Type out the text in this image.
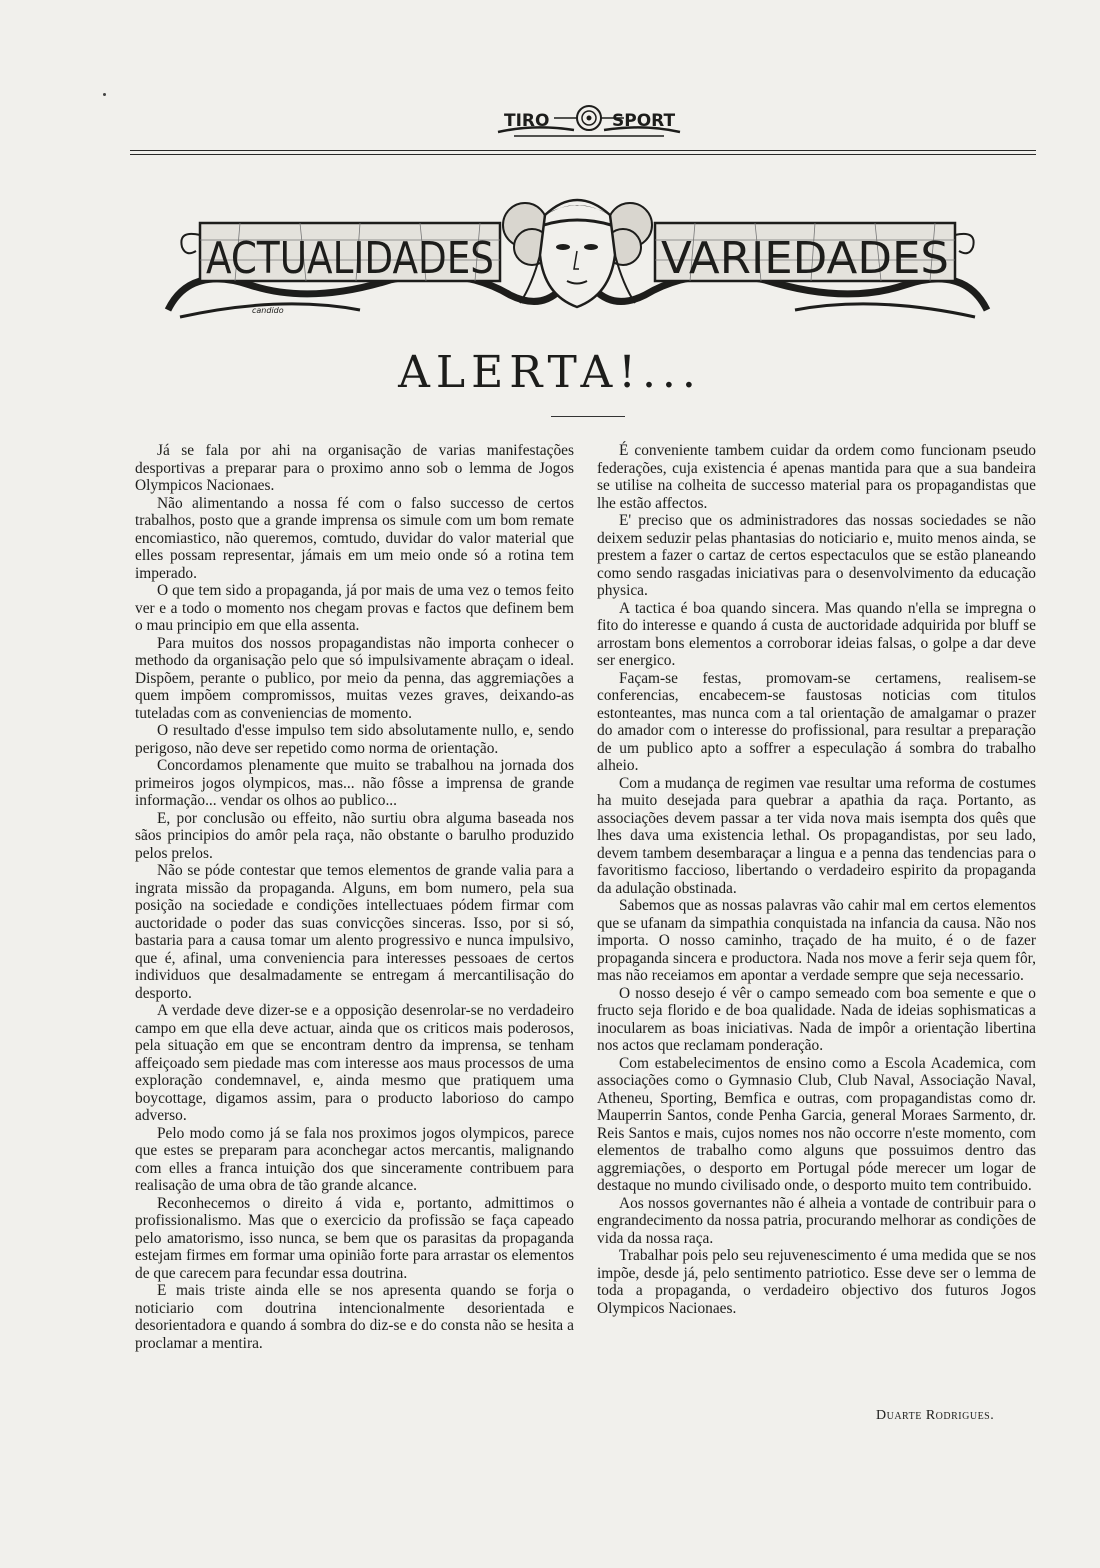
TIRO	SPORT
ACTUALIDADES	VARIEDADES
candido
ALERTA!...

Já se fala por ahi na organisação de varias manifestações desportivas a preparar para o proximo anno sob o lemma de Jogos Olympicos Nacionaes.

Não alimentando a nossa fé com o falso successo de certos trabalhos, posto que a grande imprensa os simule com um bom remate encomiastico, não queremos, comtudo, duvidar do valor material que elles possam representar, jámais em um meio onde só a rotina tem imperado.

O que tem sido a propaganda, já por mais de uma vez o temos feito ver e a todo o momento nos chegam provas e factos que definem bem o mau principio em que ella assenta.

Para muitos dos nossos propagandistas não importa conhecer o methodo da organisação pelo que só impulsivamente abraçam o ideal. Dispõem, perante o publico, por meio da penna, das aggremiações a quem impõem compromissos, muitas vezes graves, deixando-as tuteladas com as conveniencias de momento.

O resultado d'esse impulso tem sido absolutamente nullo, e, sendo perigoso, não deve ser repetido como norma de orientação.

Concordamos plenamente que muito se trabalhou na jornada dos primeiros jogos olympicos, mas... não fôsse a imprensa de grande informação... vendar os olhos ao publico...

E, por conclusão ou effeito, não surtiu obra alguma baseada nos sãos principios do amôr pela raça, não obstante o barulho produzido pelos prelos.

Não se póde contestar que temos elementos de grande valia para a ingrata missão da propaganda. Alguns, em bom numero, pela sua posição na sociedade e condições intellectuaes pódem firmar com auctoridade o poder das suas convicções sinceras. Isso, por si só, bastaria para a causa tomar um alento progressivo e nunca impulsivo, que é, afinal, uma conveniencia para interesses pessoaes de certos individuos que desalmadamente se entregam á mercantilisação do desporto.

A verdade deve dizer-se e a opposição desenrolar-se no verdadeiro campo em que ella deve actuar, ainda que os criticos mais poderosos, pela situação em que se encontram dentro da imprensa, se tenham affeiçoado sem piedade mas com interesse aos maus processos de uma exploração condemnavel, e, ainda mesmo que pratiquem uma boycottage, digamos assim, para o producto laborioso do campo adverso.

Pelo modo como já se fala nos proximos jogos olympicos, parece que estes se preparam para aconchegar actos mercantis, malignando com elles a franca intuição dos que sinceramente contribuem para realisação de uma obra de tão grande alcance.

Reconhecemos o direito á vida e, portanto, admittimos o profissionalismo. Mas que o exercicio da profissão se faça capeado pelo amatorismo, isso nunca, se bem que os parasitas da propaganda estejam firmes em formar uma opinião forte para arrastar os elementos de que carecem para fecundar essa doutrina.

E mais triste ainda elle se nos apresenta quando se forja o noticiario com doutrina intencionalmente desorientada e desorientadora e quando á sombra do diz-se e do consta não se hesita a proclamar a mentira.

É conveniente tambem cuidar da ordem como funcionam pseudo federações, cuja existencia é apenas mantida para que a sua bandeira se utilise na colheita de successo material para os propagandistas que lhe estão affectos.

E' preciso que os administradores das nossas sociedades se não deixem seduzir pelas phantasias do noticiario e, muito menos ainda, se prestem a fazer o cartaz de certos espectaculos que se estão planeando como sendo rasgadas iniciativas para o desenvolvimento da educação physica.

A tactica é boa quando sincera. Mas quando n'ella se impregna o fito do interesse e quando á custa de auctoridade adquirida por bluff se arrostam bons elementos a corroborar ideias falsas, o golpe a dar deve ser energico.

Façam-se festas, promovam-se certamens, realisem-se conferencias, encabecem-se faustosas noticias com titulos estonteantes, mas nunca com a tal orientação de amalgamar o prazer do amador com o interesse do profissional, para resultar a preparação de um publico apto a soffrer a especulação á sombra do trabalho alheio.

Com a mudança de regimen vae resultar uma reforma de costumes ha muito desejada para quebrar a apathia da raça. Portanto, as associações devem passar a ter vida nova mais isempta dos quês que lhes dava uma existencia lethal. Os propagandistas, por seu lado, devem tambem desembaraçar a lingua e a penna das tendencias para o favoritismo faccioso, libertando o verdadeiro espirito da propaganda da adulação obstinada.

Sabemos que as nossas palavras vão cahir mal em certos elementos que se ufanam da simpathia conquistada na infancia da causa. Não nos importa. O nosso caminho, traçado de ha muito, é o de fazer propaganda sincera e productora. Nada nos move a ferir seja quem fôr, mas não receiamos em apontar a verdade sempre que seja necessario.

O nosso desejo é vêr o campo semeado com boa semente e que o fructo seja florido e de boa qualidade. Nada de ideias sophismaticas a inocularem as boas iniciativas. Nada de impôr a orientação libertina nos actos que reclamam ponderação.

Com estabelecimentos de ensino como a Escola Academica, com associações como o Gymnasio Club, Club Naval, Associação Naval, Atheneu, Sporting, Bemfica e outras, com propagandistas como dr. Mauperrin Santos, conde Penha Garcia, general Moraes Sarmento, dr. Reis Santos e mais, cujos nomes nos não occorre n'este momento, com elementos de trabalho como alguns que possuimos dentro das aggremiações, o desporto em Portugal póde merecer um logar de destaque no mundo civilisado onde, o desporto muito tem contribuido.

Aos nossos governantes não é alheia a vontade de contribuir para o engrandecimento da nossa patria, procurando melhorar as condições de vida da nossa raça.

Trabalhar pois pelo seu rejuvenescimento é uma medida que se nos impõe, desde já, pelo sentimento patriotico. Esse deve ser o lemma de toda a propaganda, o verdadeiro objectivo dos futuros Jogos Olympicos Nacionaes.

Duarte Rodrigues.
